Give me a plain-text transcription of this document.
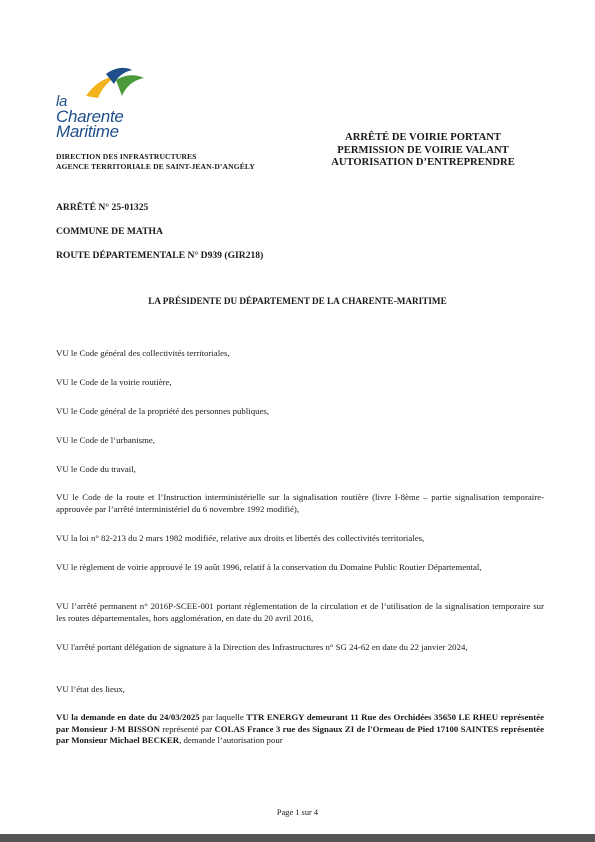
la
Charente
Maritime
DIRECTION DES INFRASTRUCTURES
AGENCE TERRITORIALE DE SAINT-JEAN-D’ANGÉLY
ARRÊTÉ DE VOIRIE PORTANT
PERMISSION DE VOIRIE VALANT
AUTORISATION D’ENTREPRENDRE
ARRÊTÉ N° 25-01325
COMMUNE DE MATHA
ROUTE DÉPARTEMENTALE N° D939 (GIR218)
LA PRÉSIDENTE DU DÉPARTEMENT DE LA CHARENTE-MARITIME
VU le Code général des collectivités territoriales,
VU le Code de la voirie routière,
VU le Code général de la propriété des personnes publiques,
VU le Code de l’urbanisme,
VU le Code du travail,
VU le Code de la route et l’Instruction interministérielle sur la signalisation routière (livre I-8ème – partie signalisation temporaire- approuvée par l’arrêté interministériel du 6 novembre 1992 modifié),
VU la loi n° 82-213 du 2 mars 1982 modifiée, relative aux droits et libertés des collectivités territoriales,
VU le règlement de voirie approuvé le 19 août 1996, relatif à la conservation du Domaine Public Routier Départemental,
VU l’arrêté permanent n° 2016P-SCEE-001 portant réglementation de la circulation et de l’utilisation de la signalisation temporaire sur les routes départementales, hors agglomération, en date du 20 avril 2016,
VU l'arrêté portant délégation de signature à la Direction des Infrastructures n° SG 24-62 en date du 22 janvier 2024,
VU l’état des lieux,
VU la demande en date du 24/03/2025 par laquelle TTR ENERGY demeurant 11 Rue des Orchidées 35650 LE RHEU représentée par Monsieur J-M BISSON représenté par COLAS France 3 rue des Signaux ZI de l'Ormeau de Pied 17100 SAINTES représentée par Monsieur Michael BECKER, demande l’autorisation pour
Page 1 sur 4
